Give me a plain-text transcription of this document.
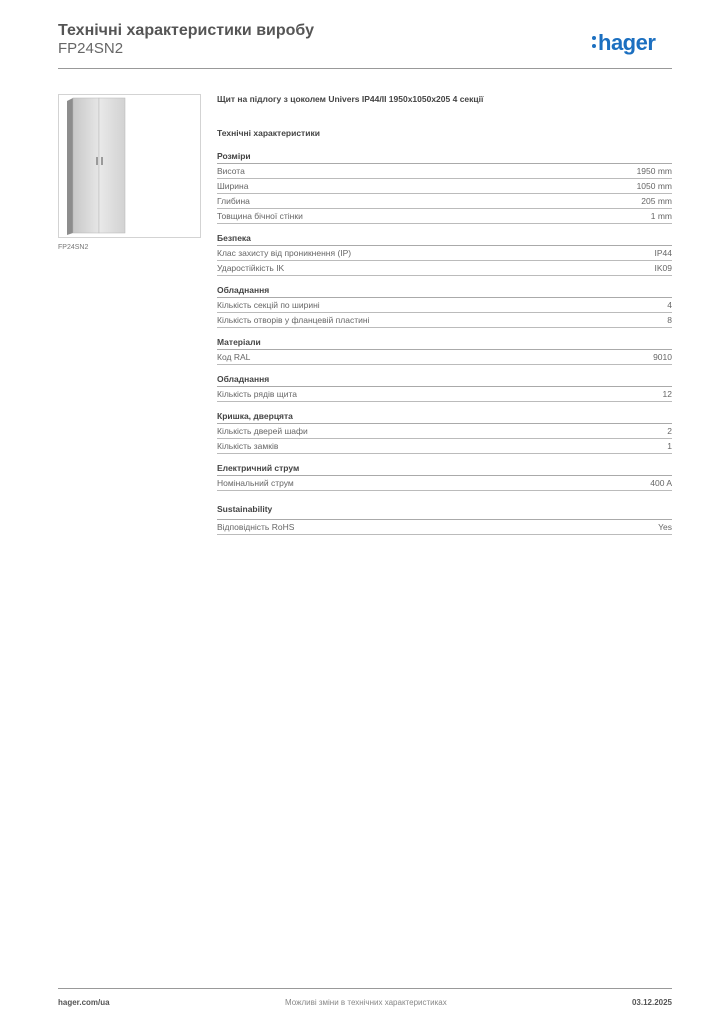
Технічні характеристики виробу
FP24SN2	hager
FP24SN2
Щит на підлогу з цоколем Univers IP44/II 1950x1050x205 4 секції
Технічні характеристики
Розміри
Висота	1950 mm
Ширина	1050 mm
Глибина	205 mm
Товщина бічної стінки	1 mm
Безпека
Клас захисту від проникнення (IP)	IP44
Ударостійкість IK	IK09
Обладнання
Кількість секцій по ширині	4
Кількість отворів у фланцевій пластині	8
Матеріали
Код RAL	9010
Обладнання
Кількість рядів щита	12
Кришка, дверцята
Кількість дверей шафи	2
Кількість замків	1
Електричний струм
Номінальний струм	400 A
Sustainability
Відповідність RoHS	Yes
hager.com/ua	Можливі зміни в технічних характеристиках	03.12.2025
